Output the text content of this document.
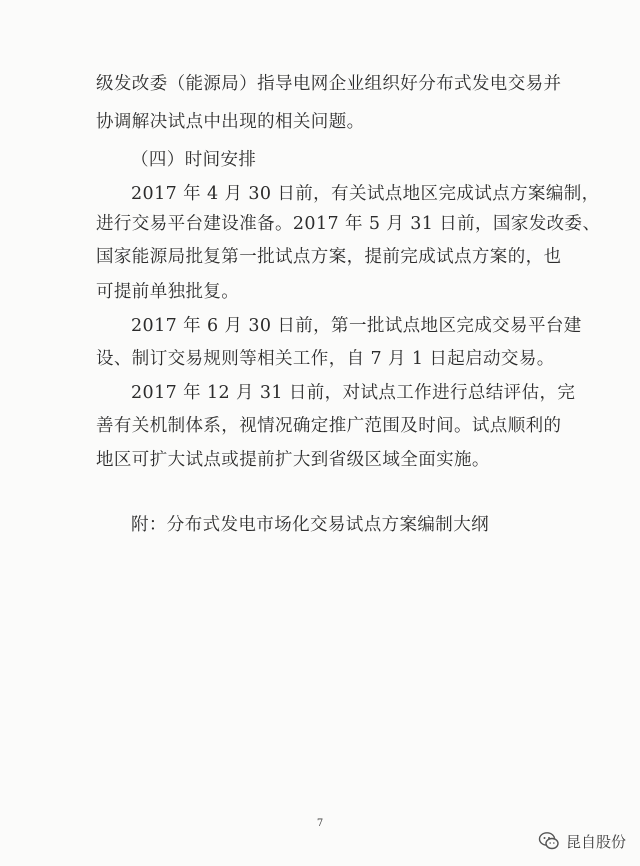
级发改委（能源局）指导电网企业组织好分布式发电交易并
协调解决试点中出现的相关问题。
（四）时间安排
2017 年 4 月 30 日前，有关试点地区完成试点方案编制，
进行交易平台建设准备。2017 年 5 月 31 日前，国家发改委、
国家能源局批复第一批试点方案，提前完成试点方案的，也
可提前单独批复。
2017 年 6 月 30 日前，第一批试点地区完成交易平台建
设、制订交易规则等相关工作，自 7 月 1 日起启动交易。
2017 年 12 月 31 日前，对试点工作进行总结评估，完
善有关机制体系，视情况确定推广范围及时间。试点顺利的
地区可扩大试点或提前扩大到省级区域全面实施。
附：分布式发电市场化交易试点方案编制大纲
7
昆自股份
